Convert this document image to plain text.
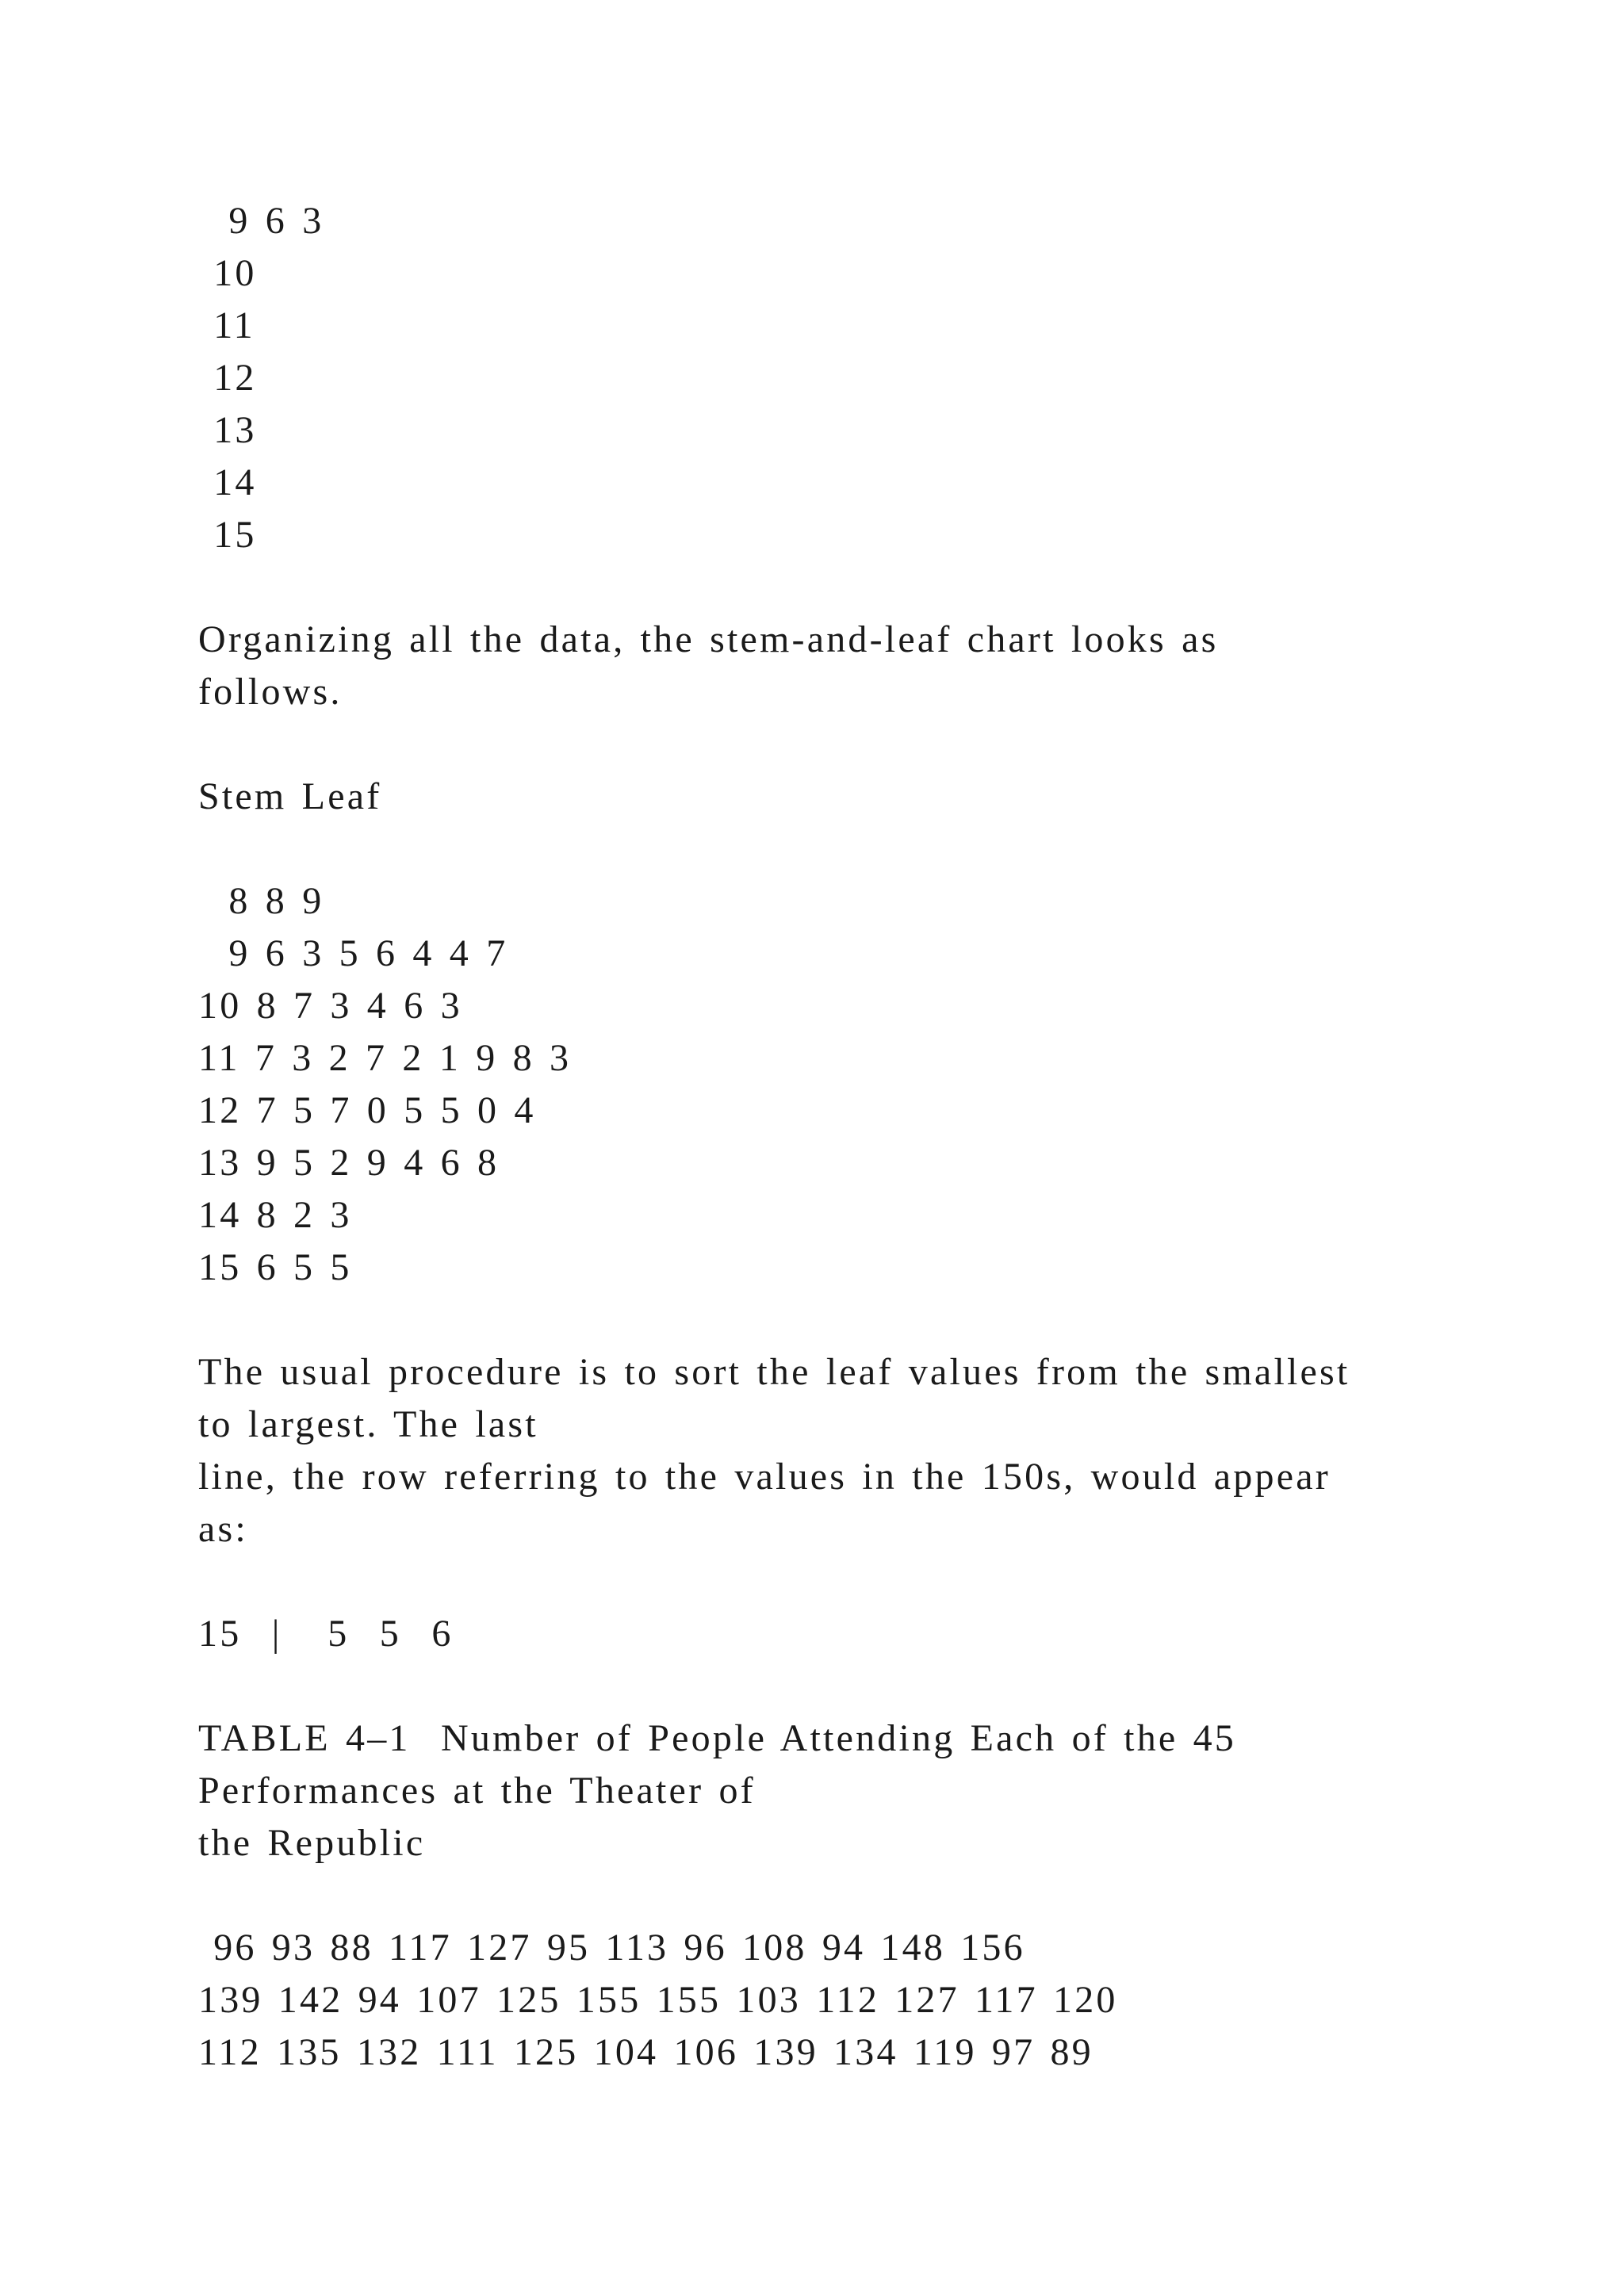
9 6 3
10
11
12
13
14
15
Organizing all the data, the stem-and-leaf chart looks as
follows.
Stem Leaf
8 8 9
9 6 3 5 6 4 4 7
10 8 7 3 4 6 3
11 7 3 2 7 2 1 9 8 3
12 7 5 7 0 5 5 0 4
13 9 5 2 9 4 6 8
14 8 2 3
15 6 5 5
The usual procedure is to sort the leaf values from the smallest
to largest. The last
line, the row referring to the values in the 150s, would appear
as:
15  |   5  5  6
TABLE 4–1  Number of People Attending Each of the 45
Performances at the Theater of
the Republic
96 93 88 117 127 95 113 96 108 94 148 156
139 142 94 107 125 155 155 103 112 127 117 120
112 135 132 111 125 104 106 139 134 119 97 89
